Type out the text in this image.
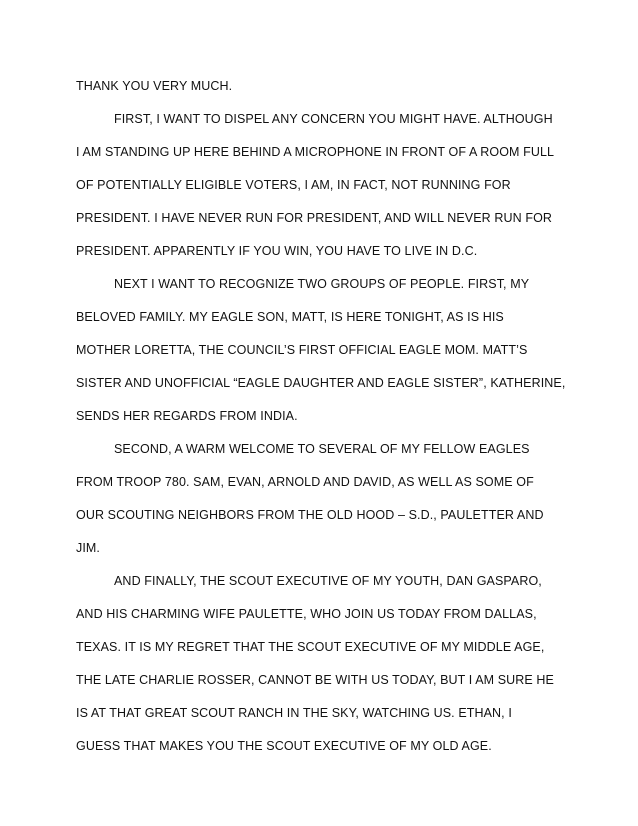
THANK YOU VERY MUCH.
FIRST, I WANT TO DISPEL ANY CONCERN YOU MIGHT HAVE. ALTHOUGH
I AM STANDING UP HERE BEHIND A MICROPHONE IN FRONT OF A ROOM FULL
OF POTENTIALLY ELIGIBLE VOTERS, I AM, IN FACT, NOT RUNNING FOR
PRESIDENT. I HAVE NEVER RUN FOR PRESIDENT, AND WILL NEVER RUN FOR
PRESIDENT. APPARENTLY IF YOU WIN, YOU HAVE TO LIVE IN D.C.
NEXT I WANT TO RECOGNIZE TWO GROUPS OF PEOPLE. FIRST, MY
BELOVED FAMILY. MY EAGLE SON, MATT, IS HERE TONIGHT, AS IS HIS
MOTHER LORETTA, THE COUNCIL’S FIRST OFFICIAL EAGLE MOM. MATT’S
SISTER AND UNOFFICIAL “EAGLE DAUGHTER AND EAGLE SISTER”, KATHERINE,
SENDS HER REGARDS FROM INDIA.
SECOND, A WARM WELCOME TO SEVERAL OF MY FELLOW EAGLES
FROM TROOP 780. SAM, EVAN, ARNOLD AND DAVID, AS WELL AS SOME OF
OUR SCOUTING NEIGHBORS FROM THE OLD HOOD – S.D., PAULETTER AND
JIM.
AND FINALLY, THE SCOUT EXECUTIVE OF MY YOUTH, DAN GASPARO,
AND HIS CHARMING WIFE PAULETTE, WHO JOIN US TODAY FROM DALLAS,
TEXAS. IT IS MY REGRET THAT THE SCOUT EXECUTIVE OF MY MIDDLE AGE,
THE LATE CHARLIE ROSSER, CANNOT BE WITH US TODAY, BUT I AM SURE HE
IS AT THAT GREAT SCOUT RANCH IN THE SKY, WATCHING US. ETHAN, I
GUESS THAT MAKES YOU THE SCOUT EXECUTIVE OF MY OLD AGE.
